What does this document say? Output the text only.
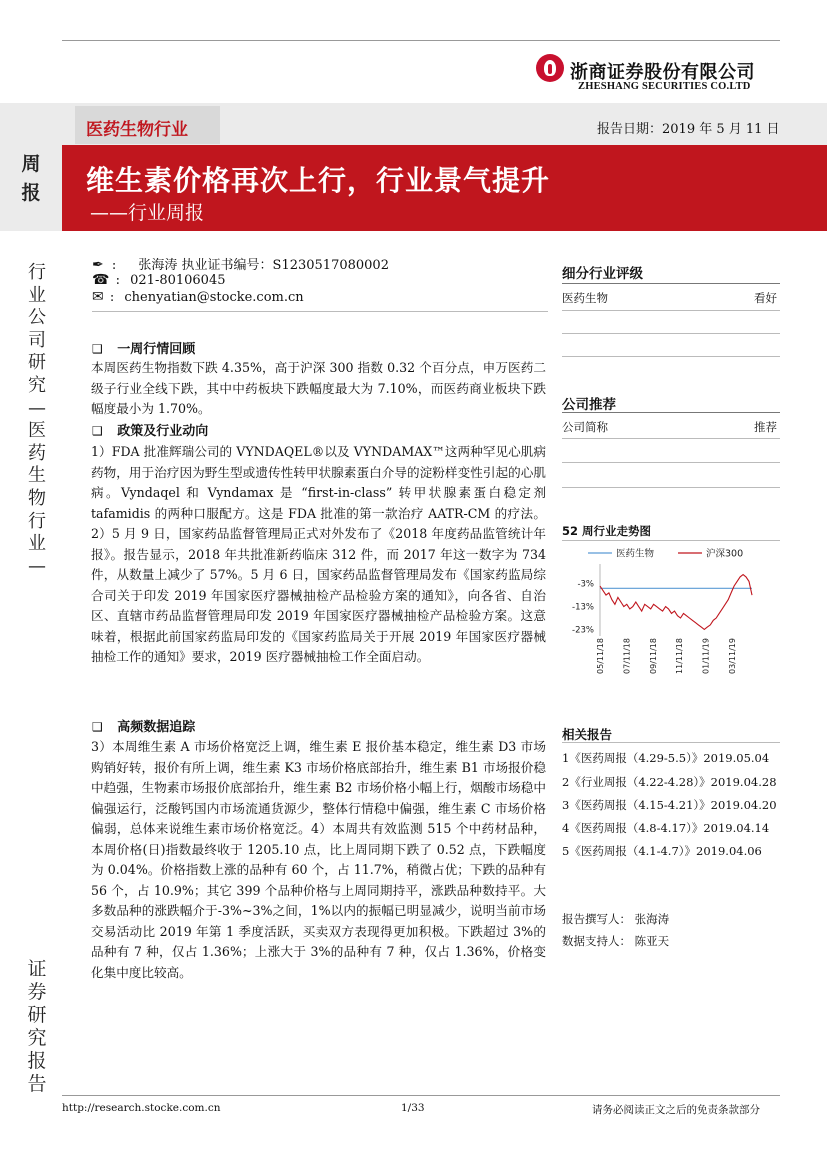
浙商证券股份有限公司
ZHESHANG SECURITIES CO.LTD
医药生物行业	报告日期：2019 年 5 月 11 日
周报 维生素价格再次上行，行业景气提升
——行业周报
行业公司研究—医药生物行业—
证券研究报告
✒ : 张海涛 执业证书编号：S1230517080002
☎ : 021-80106045
✉ : chenyatian@stocke.com.cn
❑ 一周行情回顾
本周医药生物指数下跌 4.35%，高于沪深 300 指数 0.32 个百分点，申万医药二级子行业全线下跌，其中中药板块下跌幅度最大为 7.10%，而医药商业板块下跌幅度最小为 1.70%。
❑ 政策及行业动向
1）FDA 批准辉瑞公司的 VYNDAQEL®以及 VYNDAMAX™这两种罕见心肌病药物，用于治疗因为野生型或遗传性转甲状腺素蛋白介导的淀粉样变性引起的心肌病。Vyndaqel 和 Vyndamax 是 “first-in-class” 转甲状腺素蛋白稳定剂 tafamidis 的两种口服配方。这是 FDA 批准的第一款治疗 AATR-CM 的疗法。2）5 月 9 日，国家药品监督管理局正式对外发布了《2018 年度药品监管统计年报》。报告显示，2018 年共批准新药临床 312 件，而 2017 年这一数字为 734 件，从数量上减少了 57%。5 月 6 日，国家药品监督管理局发布《国家药监局综合司关于印发 2019 年国家医疗器械抽检产品检验方案的通知》，向各省、自治区、直辖市药品监督管理局印发 2019 年国家医疗器械抽检产品检验方案。这意味着，根据此前国家药监局印发的《国家药监局关于开展 2019 年国家医疗器械抽检工作的通知》要求，2019 医疗器械抽检工作全面启动。
❑ 高频数据追踪
3）本周维生素 A 市场价格宽泛上调，维生素 E 报价基本稳定，维生素 D3 市场购销好转，报价有所上调，维生素 K3 市场价格底部抬升，维生素 B1 市场报价稳中趋强，生物素市场报价底部抬升，维生素 B2 市场价格小幅上行，烟酸市场稳中偏强运行，泛酸钙国内市场流通货源少，整体行情稳中偏强，维生素 C 市场价格偏弱，总体来说维生素市场价格宽泛。4）本周共有效监测 515 个中药材品种，本周价格(日)指数最终收于 1205.10 点，比上周同期下跌了 0.52 点，下跌幅度为 0.04%。价格指数上涨的品种有 60 个，占 11.7%，稍微占优；下跌的品种有 56 个，占 10.9%；其它 399 个品种价格与上周同期持平，涨跌品种数持平。大多数品种的涨跌幅介于-3%~3%之间，1%以内的振幅已明显减少，说明当前市场交易活动比 2019 年第 1 季度活跃，买卖双方表现得更加积极。下跌超过 3%的品种有 7 种，仅占 1.36%；上涨大于 3%的品种有 7 种，仅占 1.36%，价格变化集中度比较高。
细分行业评级
医药生物	看好
公司推荐
公司简称	推荐
52 周行业走势图
医药生物	沪深300
-3%
-13%
-23%
05/11/18 07/11/18 09/11/18 11/11/18 01/11/19 03/11/19
相关报告
1《医药周报（4.29-5.5）》2019.05.04
2《行业周报（4.22-4.28）》2019.04.28
3《医药周报（4.15-4.21）》2019.04.20
4《医药周报（4.8-4.17）》2019.04.14
5《医药周报（4.1-4.7）》2019.04.06
报告撰写人： 张海涛
数据支持人： 陈亚天
http://research.stocke.com.cn	1/33	请务必阅读正文之后的免责条款部分
